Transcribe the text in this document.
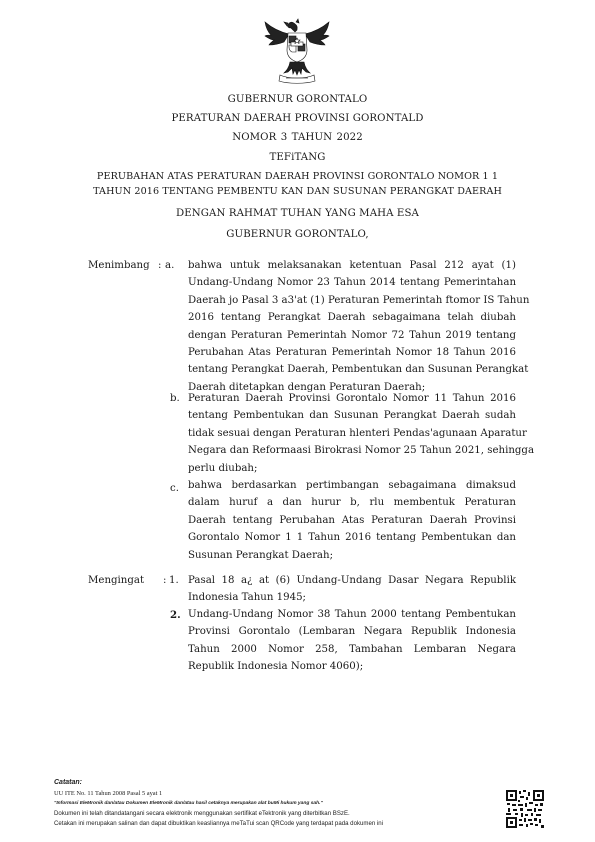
GUBERNUR GORONTALO
PERATURAN DAERAH PROVINSI GORONTALD
NOMOR 3 TAHUN 2022
TEFiTANG
PERUBAHAN ATAS PERATURAN DAERAH PROVINSI GORONTALO NOMOR 1 1
TAHUN 2016 TENTANG PEMBENTU KAN DAN SUSUNAN PERANGKAT DAERAH
DENGAN RAHMAT TUHAN YANG MAHA ESA
GUBERNUR GORONTALO,
Menimbang : a. bahwa untuk melaksanakan ketentuan Pasal 212 ayat (1)
Undang-Undang Nomor 23 Tahun 2014 tentang Pemerintahan
Daerah jo Pasal 3 a3'at (1) Peraturan Pemerintah ftomor IS Tahun
2016 tentang Perangkat Daerah sebagaimana telah diubah
dengan Peraturan Pemerintah Nomor 72 Tahun 2019 tentang
Perubahan Atas Peraturan Pemerintah Nomor 18 Tahun 2016
tentang Perangkat Daerah, Pembentukan dan Susunan Perangkat
Daerah ditetapkan dengan Peraturan Daerah;
b. Peraturan Daerah Provinsi Gorontalo Nomor 11 Tahun 2016
tentang Pembentukan dan Susunan Perangkat Daerah sudah
tidak sesuai dengan Peraturan hlenteri Pendas'agunaan Aparatur
Negara dan Reformaasi Birokrasi Nomor 25 Tahun 2021, sehingga
perlu diubah;
c. bahwa berdasarkan pertimbangan sebagaimana dimaksud
dalam huruf a dan hurur b, rlu membentuk Peraturan
Daerah tentang Perubahan Atas Peraturan Daerah Provinsi
Gorontalo Nomor 1 1 Tahun 2016 tentang Pembentukan dan
Susunan Perangkat Daerah;
Mengingat : 1. Pasal 18 a¿ at (6) Undang-Undang Dasar Negara Republik
Indonesia Tahun 1945;
2. Undang-Undang Nomor 38 Tahun 2000 tentang Pembentukan
Provinsi Gorontalo (Lembaran Negara Republik Indonesia
Tahun 2000 Nomor 258, Tambahan Lembaran Negara
Republik Indonesia Nomor 4060);
Catatan:
UU ITE No. 11 Tahun 2008 Pasal 5 ayat 1
"Informasi EleMronik dan/atau Dokumen EleMronik dan/atau hasil cetaknya merupakan alat buMi hukum yang sah."
Dokumen ini telah ditandatangani secara elektronik menggunakan sertifikat eTektronik yang diterbitkan BSzE.
Cetakan ini merupakan salinan dan dapat dibuktikan keasliannya meTaTui scan QRCode yang terdapat pada dokumen ini
